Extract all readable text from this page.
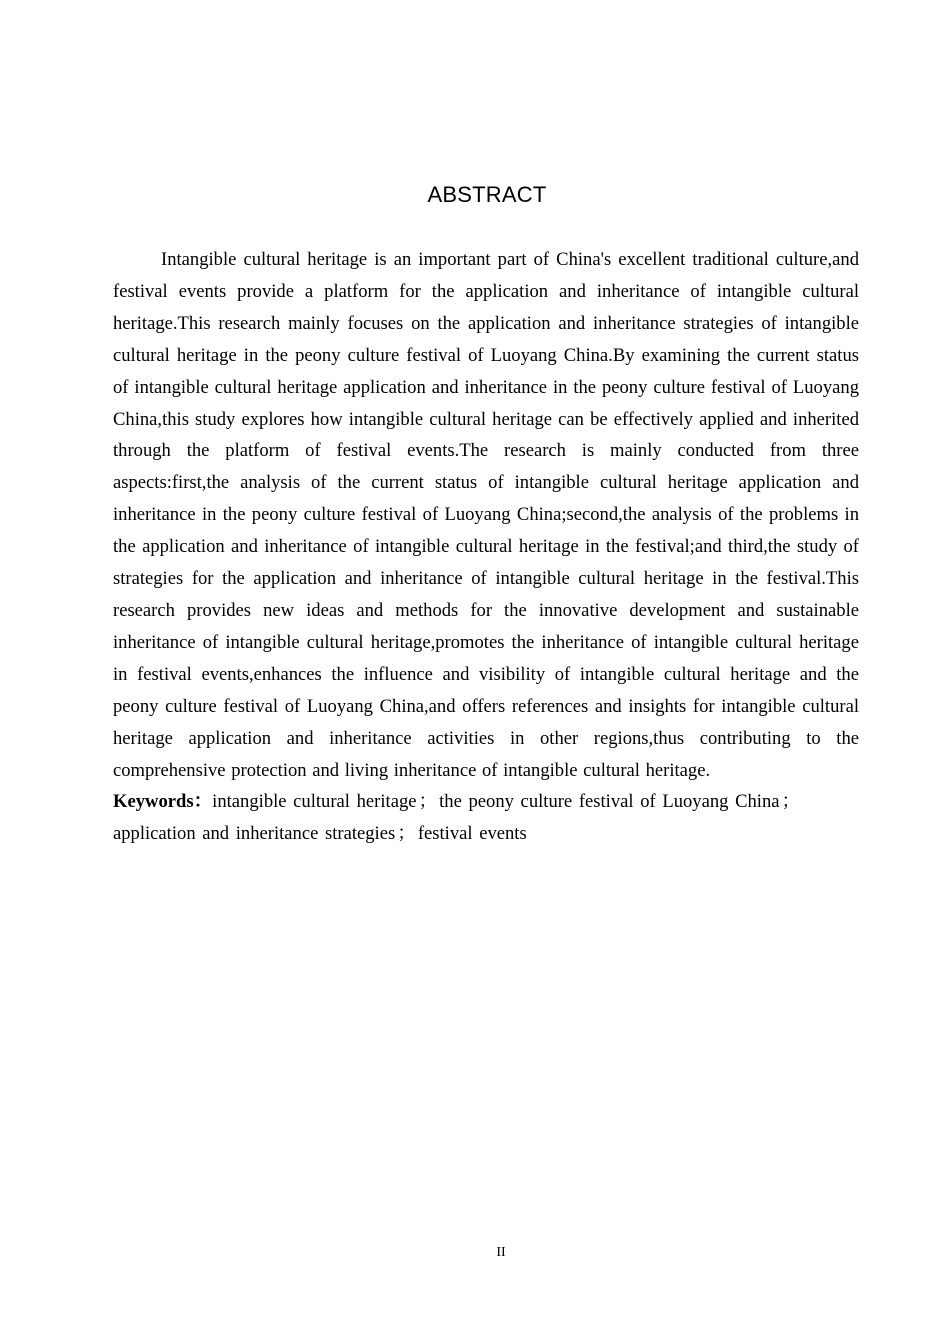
ABSTRACT

Intangible cultural heritage is an important part of China's excellent traditional culture,and festival events provide a platform for the application and inheritance of intangible cultural heritage.This research mainly focuses on the application and inheritance strategies of intangible cultural heritage in the peony culture festival of Luoyang China.By examining the current status of intangible cultural heritage application and inheritance in the peony culture festival of Luoyang China,this study explores how intangible cultural heritage can be effectively applied and inherited through the platform of festival events.The research is mainly conducted from three aspects:first,the analysis of the current status of intangible cultural heritage application and inheritance in the peony culture festival of Luoyang China;second,the analysis of the problems in the application and inheritance of intangible cultural heritage in the festival;and third,the study of strategies for the application and inheritance of intangible cultural heritage in the festival.This research provides new ideas and methods for the innovative development and sustainable inheritance of intangible cultural heritage,promotes the inheritance of intangible cultural heritage in festival events,enhances the influence and visibility of intangible cultural heritage and the peony culture festival of Luoyang China,and offers references and insights for intangible cultural heritage application and inheritance activities in other regions,thus contributing to the comprehensive protection and living inheritance of intangible cultural heritage.

Keywords：intangible cultural heritage ； the peony culture festival of Luoyang China ；application and inheritance strategies ； festival events

II
